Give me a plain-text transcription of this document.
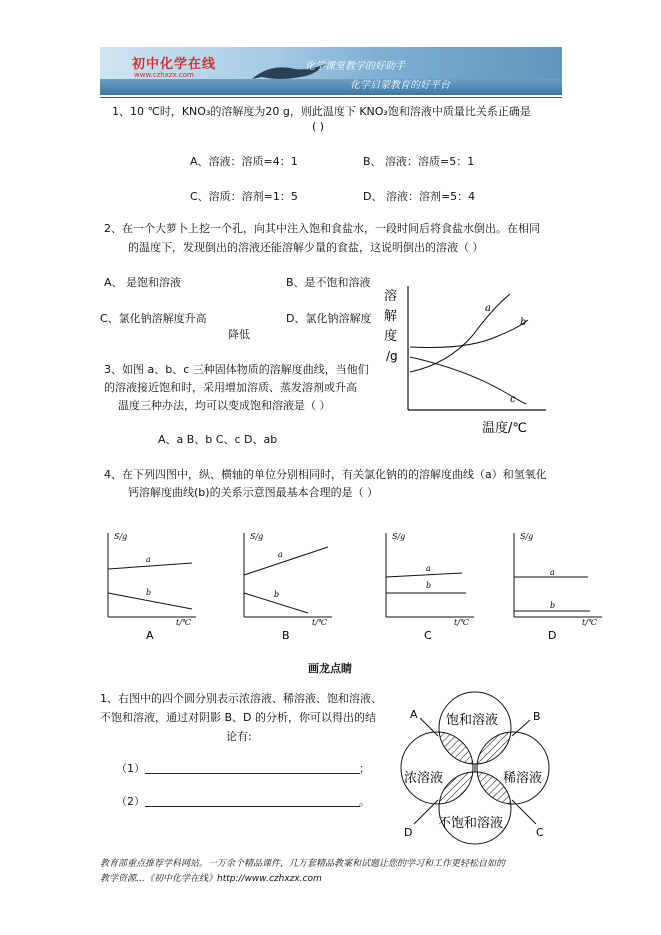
初中化学在线
www.czhxzx.com
化学课堂教学的好助手
化学启蒙教育的好平台
1、10 ℃时，KNO₃的溶解度为20 g，则此温度下 KNO₃饱和溶液中质量比关系正确是
( )
A、溶液：溶质=4：1	B、 溶液：溶质=5：1
C、溶质：溶剂=1：5	D、 溶液：溶剂=5：4
2、在一个大萝卜上挖一个孔，向其中注入饱和食盐水，一段时间后将食盐水倒出。在相同
的温度下，发现倒出的溶液还能溶解少量的食盐，这说明倒出的溶液（ ）
A、 是饱和溶液	B、是不饱和溶液
C、氯化钠溶解度升高	D、氯化钠溶解度
降低
3、如图 a、b、c 三种固体物质的溶解度曲线，当他们
的溶液接近饱和时，采用增加溶质、蒸发溶剂或升高
温度三种办法，均可以变成饱和溶液是（ ）
A、a B、b C、c D、ab
a
b
c
溶
解
度
/g
温度/℃
4、在下列四图中，纵、横轴的单位分别相同时，有关氯化钠的的溶解度曲线（a）和氢氧化
钙溶解度曲线(b)的关系示意图最基本合理的是（ ）
S/g
t/℃
a
b
A
S/g
t/℃
a
b
B
S/g
t/℃
a
b
C
S/g
t/℃
a
b
D
画龙点睛
1、右图中的四个圆分别表示浓溶液、稀溶液、饱和溶液、
不饱和溶液，通过对阴影 B、D 的分析，你可以得出的结
论有:
（1）	；
（2）	。
饱和溶液
浓溶液	稀溶液
不饱和溶液
A	B
C
D
教育部重点推荐学科网站。一万余个精品课件，几万套精品教案和试题让您的学习和工作更轻松自如的
教学资源…《初中化学在线》http://www.czhxzx.com
